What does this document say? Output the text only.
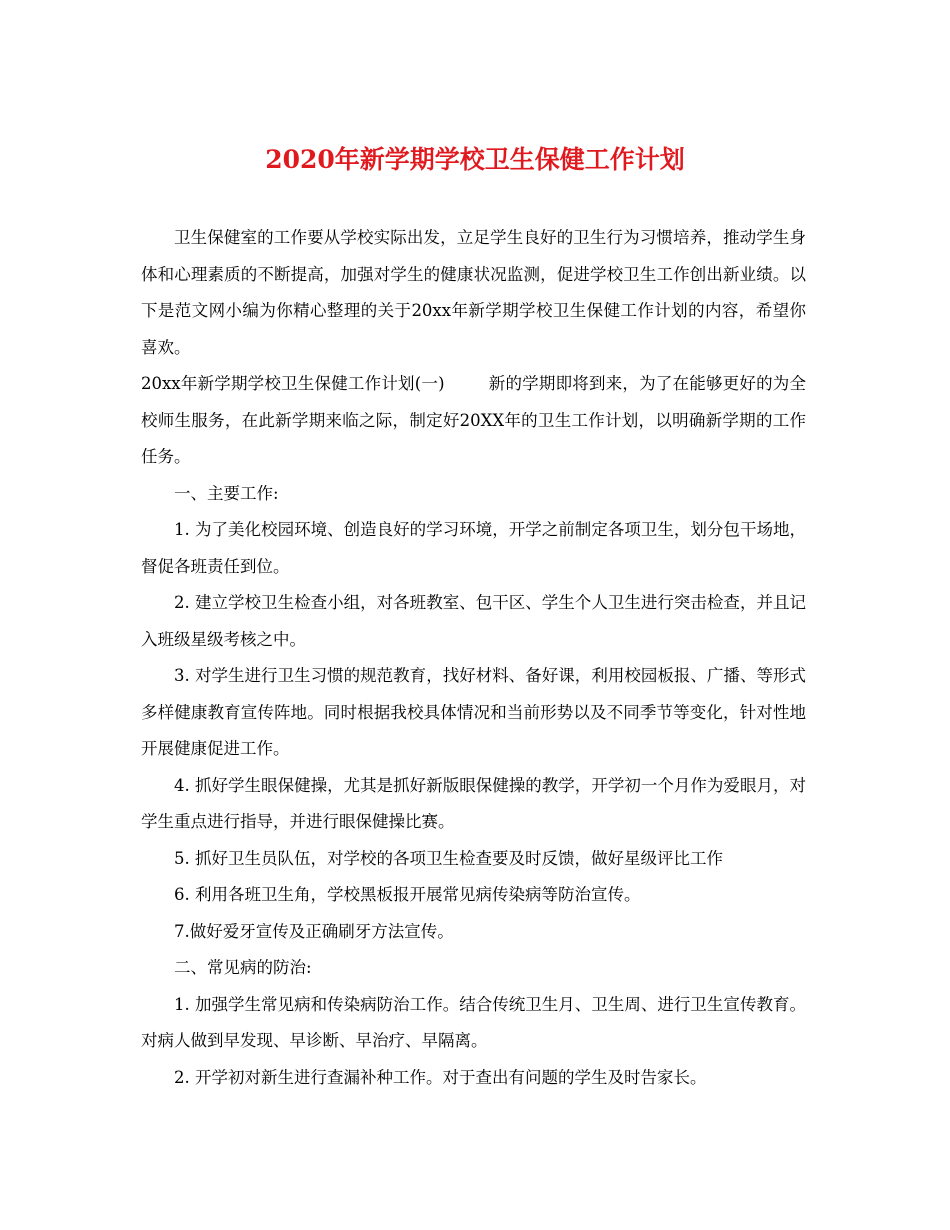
2020年新学期学校卫生保健工作计划

卫生保健室的工作要从学校实际出发，立足学生良好的卫生行为习惯培养，推动学生身体和心理素质的不断提高，加强对学生的健康状况监测，促进学校卫生工作创出新业绩。以下是范文网小编为你精心整理的关于20xx年新学期学校卫生保健工作计划的内容，希望你喜欢。

20xx年新学期学校卫生保健工作计划(一)	新的学期即将到来，为了在能够更好的为全校师生服务，在此新学期来临之际，制定好20XX年的卫生工作计划，以明确新学期的工作任务。

一、主要工作:

1. 为了美化校园环境、创造良好的学习环境，开学之前制定各项卫生，划分包干场地，督促各班责任到位。

2. 建立学校卫生检查小组，对各班教室、包干区、学生个人卫生进行突击检查，并且记入班级星级考核之中。

3. 对学生进行卫生习惯的规范教育，找好材料、备好课，利用校园板报、广播、等形式多样健康教育宣传阵地。同时根据我校具体情况和当前形势以及不同季节等变化，针对性地开展健康促进工作。

4. 抓好学生眼保健操，尤其是抓好新版眼保健操的教学，开学初一个月作为爱眼月，对学生重点进行指导，并进行眼保健操比赛。

5. 抓好卫生员队伍，对学校的各项卫生检查要及时反馈，做好星级评比工作

6. 利用各班卫生角，学校黑板报开展常见病传染病等防治宣传。

7.做好爱牙宣传及正确刷牙方法宣传。

二、常见病的防治:

1. 加强学生常见病和传染病防治工作。结合传统卫生月、卫生周、进行卫生宣传教育。对病人做到早发现、早诊断、早治疗、早隔离。

2. 开学初对新生进行查漏补种工作。对于查出有问题的学生及时告家长。
